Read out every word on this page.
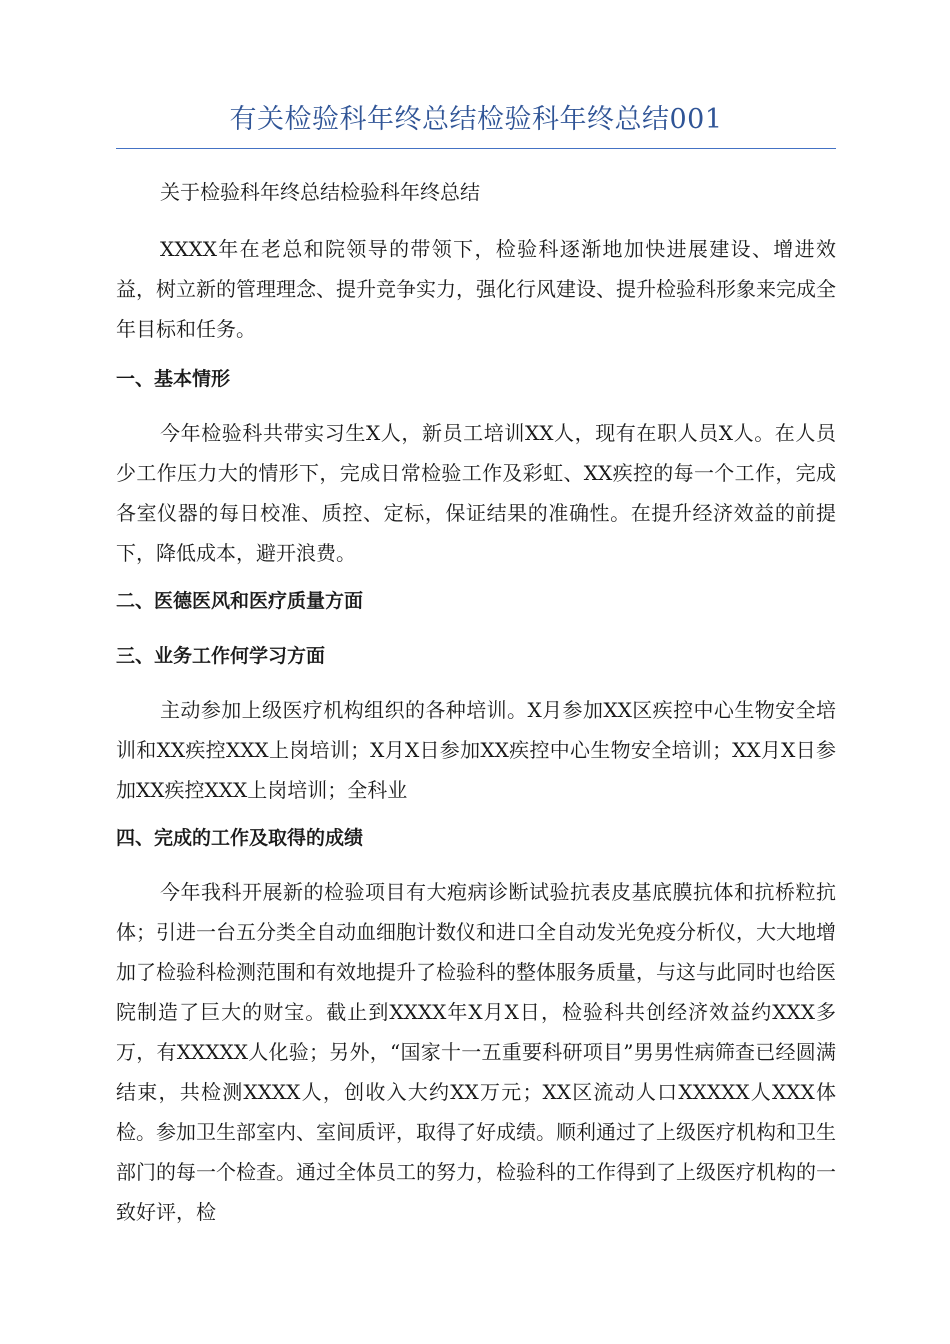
有关检验科年终总结检验科年终总结001

关于检验科年终总结检验科年终总结

XXXX年在老总和院领导的带领下，检验科逐渐地加快进展建设、增进效益，树立新的管理理念、提升竞争实力，强化行风建设、提升检验科形象来完成全年目标和任务。

一、基本情形

今年检验科共带实习生X人，新员工培训XX人，现有在职人员X人。在人员少工作压力大的情形下，完成日常检验工作及彩虹、XX疾控的每一个工作，完成各室仪器的每日校准、质控、定标，保证结果的准确性。在提升经济效益的前提下，降低成本，避开浪费。

二、医德医风和医疗质量方面

三、业务工作何学习方面

主动参加上级医疗机构组织的各种培训。X月参加XX区疾控中心生物安全培训和XX疾控XXX上岗培训；X月X日参加XX疾控中心生物安全培训；XX月X日参加XX疾控XXX上岗培训；全科业

四、完成的工作及取得的成绩

今年我科开展新的检验项目有大疱病诊断试验抗表皮基底膜抗体和抗桥粒抗体；引进一台五分类全自动血细胞计数仪和进口全自动发光免疫分析仪，大大地增加了检验科检测范围和有效地提升了检验科的整体服务质量，与这与此同时也给医院制造了巨大的财宝。截止到XXXX年X月X日，检验科共创经济效益约XXX多万，有XXXXX人化验；另外，“国家十一五重要科研项目”男男性病筛查已经圆满结束，共检测XXXX人，创收入大约XX万元；XX区流动人口XXXXX人XXX体检。参加卫生部室内、室间质评，取得了好成绩。顺利通过了上级医疗机构和卫生部门的每一个检查。通过全体员工的努力，检验科的工作得到了上级医疗机构的一致好评，检
